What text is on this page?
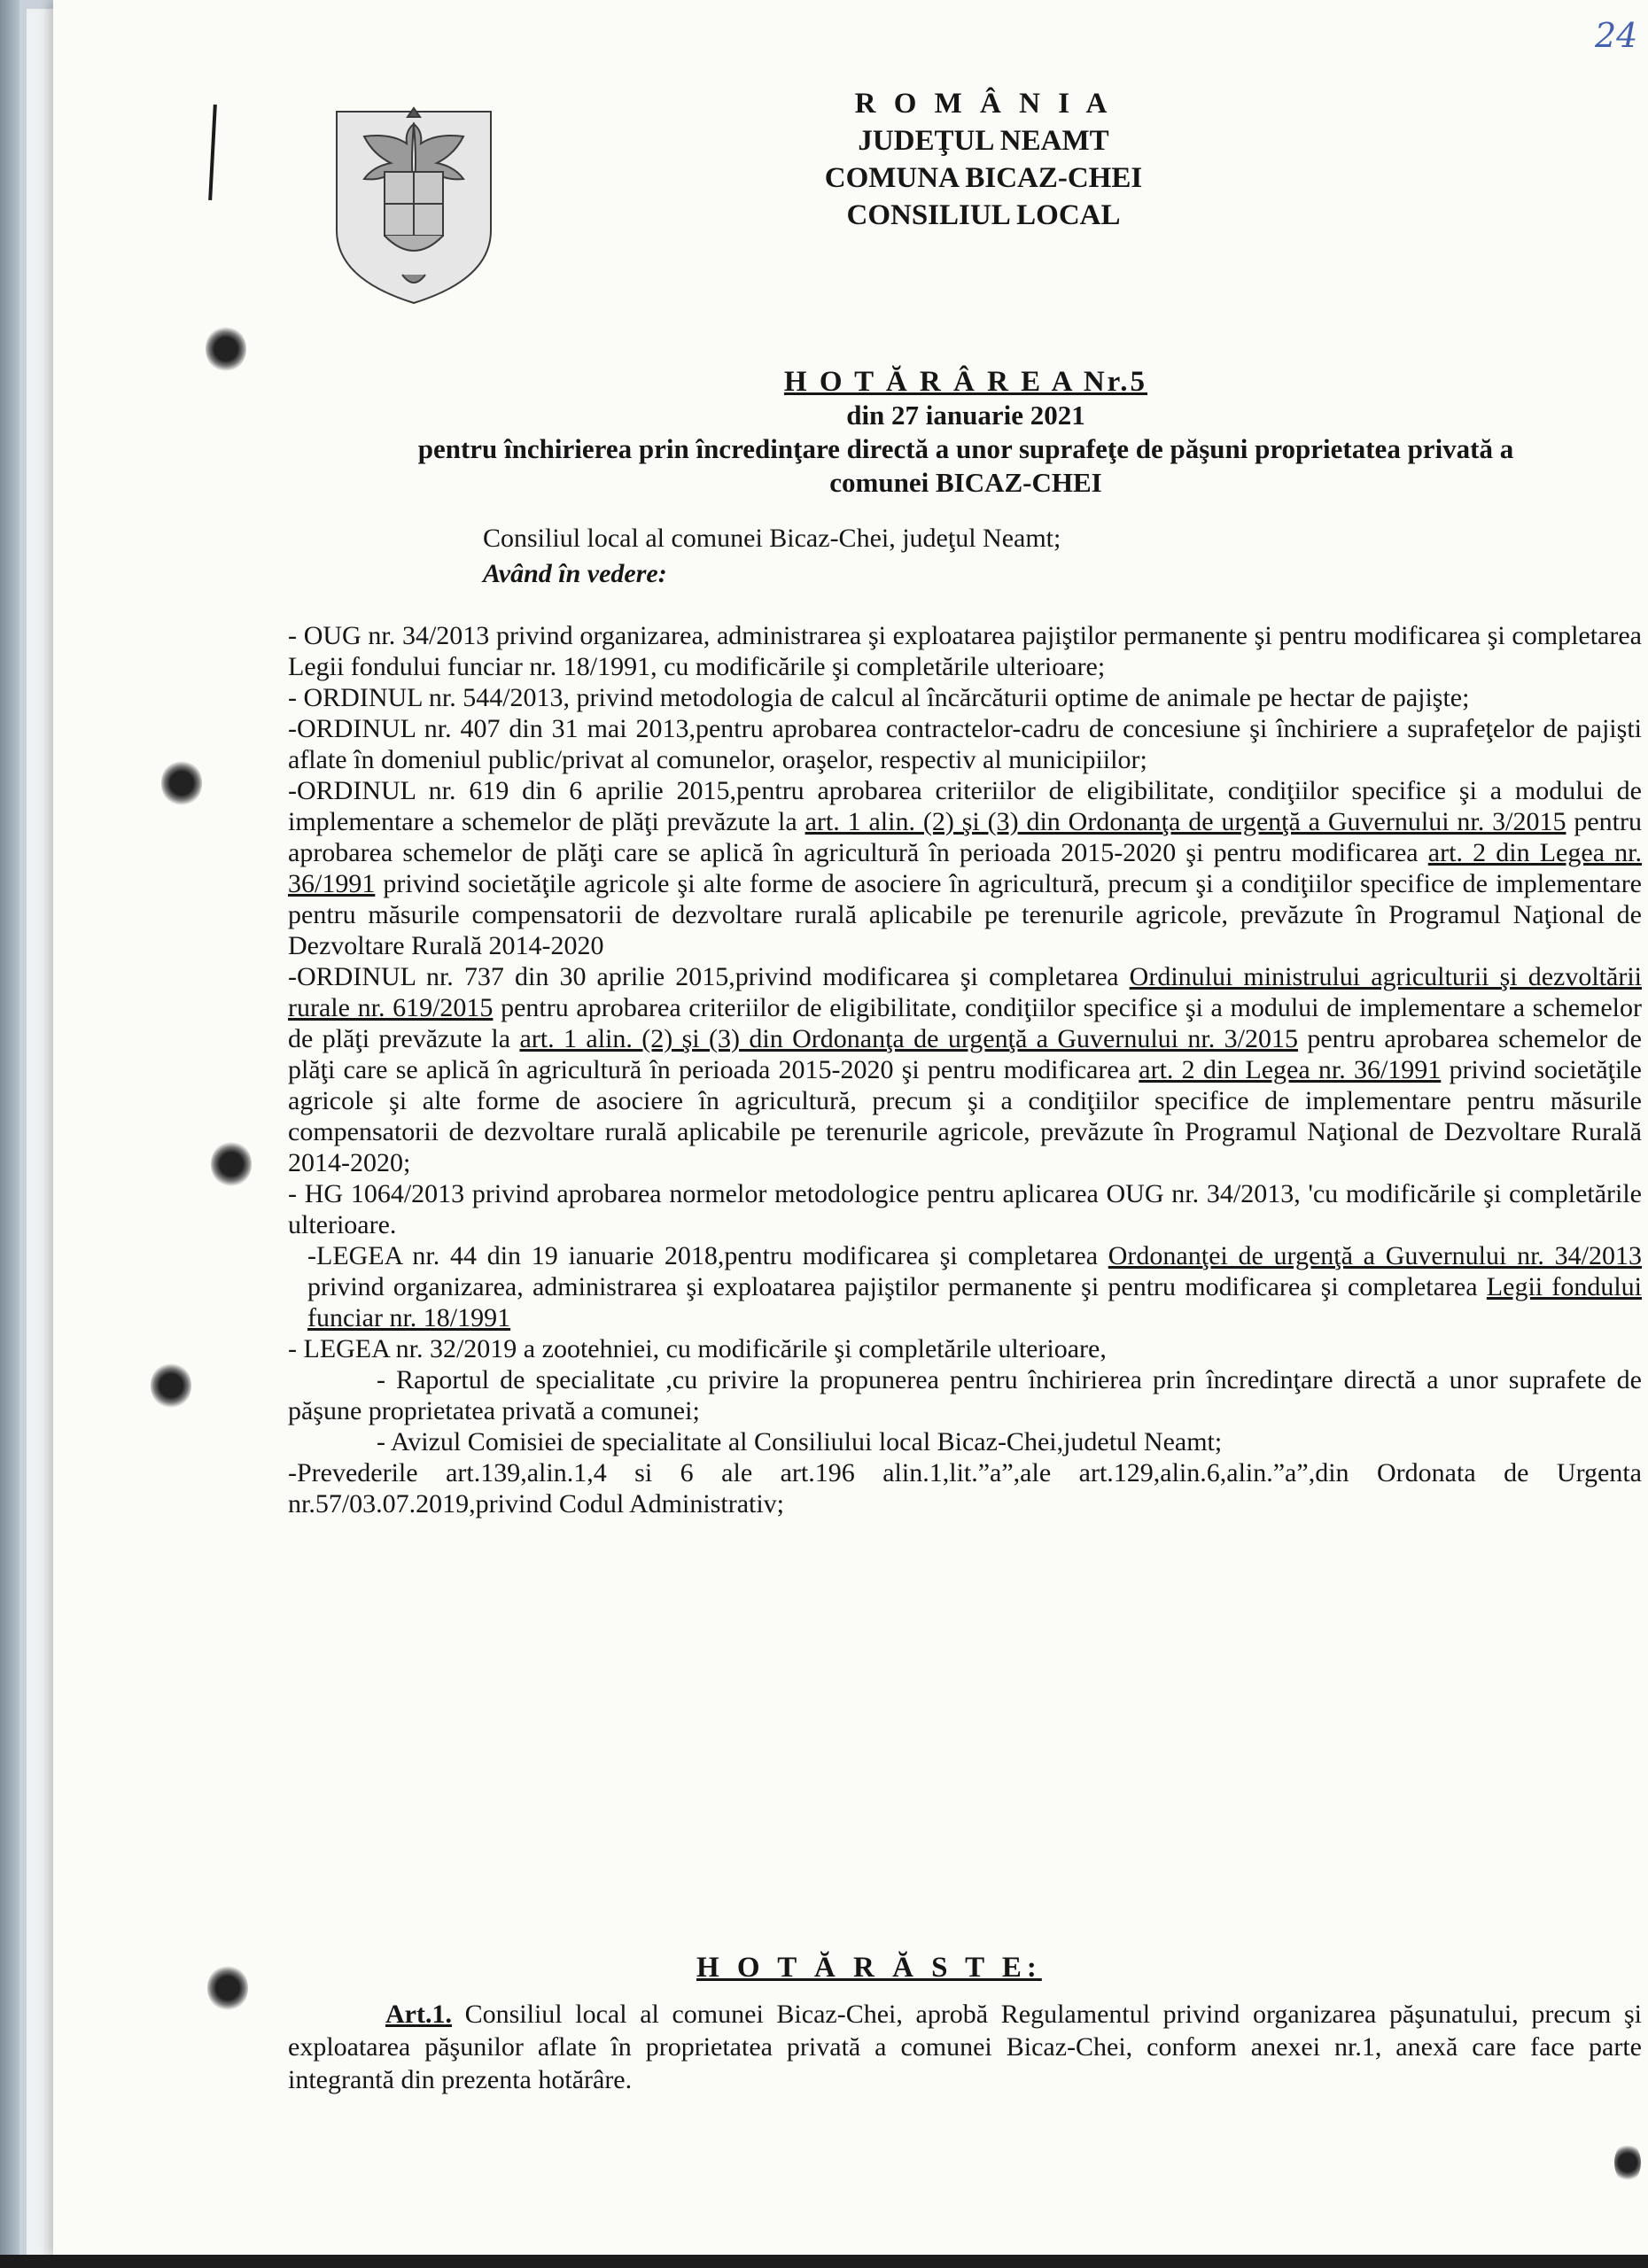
24
R O M Â N I A
JUDEŢUL NEAMT
COMUNA BICAZ-CHEI
CONSILIUL LOCAL
H O T Ă R Â R E A Nr.5
din 27 ianuarie 2021
pentru închirierea prin încredinţare directă a unor suprafeţe de păşuni proprietatea privată a
comunei BICAZ-CHEI
Consiliul local al comunei Bicaz-Chei, judeţul Neamt;
Având în vedere:

- OUG nr. 34/2013 privind organizarea, administrarea şi exploatarea pajiştilor permanente şi pentru modificarea şi completarea Legii fondului funciar nr. 18/1991, cu modificările şi completările ulterioare;

- ORDINUL nr. 544/2013, privind metodologia de calcul al încărcăturii optime de animale pe hectar de pajişte;

-ORDINUL nr. 407 din 31 mai 2013,pentru aprobarea contractelor-cadru de concesiune şi închiriere a suprafeţelor de pajişti aflate în domeniul public/privat al comunelor, oraşelor, respectiv al municipiilor;

-ORDINUL nr. 619 din 6 aprilie 2015,pentru aprobarea criteriilor de eligibilitate, condiţiilor specifice şi a modului de implementare a schemelor de plăţi prevăzute la art. 1 alin. (2) şi (3) din Ordonanţa de urgenţă a Guvernului nr. 3/2015 pentru aprobarea schemelor de plăţi care se aplică în agricultură în perioada 2015-2020 şi pentru modificarea art. 2 din Legea nr. 36/1991 privind societăţile agricole şi alte forme de asociere în agricultură, precum şi a condiţiilor specifice de implementare pentru măsurile compensatorii de dezvoltare rurală aplicabile pe terenurile agricole, prevăzute în Programul Naţional de Dezvoltare Rurală 2014-2020

-ORDINUL nr. 737 din 30 aprilie 2015,privind modificarea şi completarea Ordinului ministrului agriculturii şi dezvoltării rurale nr. 619/2015 pentru aprobarea criteriilor de eligibilitate, condiţiilor specifice şi a modului de implementare a schemelor de plăţi prevăzute la art. 1 alin. (2) şi (3) din Ordonanţa de urgenţă a Guvernului nr. 3/2015 pentru aprobarea schemelor de plăţi care se aplică în agricultură în perioada 2015-2020 şi pentru modificarea art. 2 din Legea nr. 36/1991 privind societăţile agricole şi alte forme de asociere în agricultură, precum şi a condiţiilor specifice de implementare pentru măsurile compensatorii de dezvoltare rurală aplicabile pe terenurile agricole, prevăzute în Programul Naţional de Dezvoltare Rurală 2014-2020;

- HG 1064/2013 privind aprobarea normelor metodologice pentru aplicarea OUG nr. 34/2013, 'cu modificările şi completările ulterioare.

-LEGEA nr. 44 din 19 ianuarie 2018,pentru modificarea şi completarea Ordonanţei de urgenţă a Guvernului nr. 34/2013 privind organizarea, administrarea şi exploatarea pajiştilor permanente şi pentru modificarea şi completarea Legii fondului funciar nr. 18/1991

- LEGEA nr. 32/2019 a zootehniei, cu modificările şi completările ulterioare,

- Raportul de specialitate ,cu privire la propunerea pentru închirierea prin încredinţare directă a unor suprafete de păşune proprietatea privată a comunei;

- Avizul Comisiei de specialitate al Consiliului local Bicaz-Chei,judetul Neamt;

-Prevederile art.139,alin.1,4 si 6 ale art.196 alin.1,lit.”a”,ale art.129,alin.6,alin.”a”,din Ordonata de Urgenta nr.57/03.07.2019,privind Codul Administrativ;

H O T Ă R Ă S T E:
Art.1. Consiliul local al comunei Bicaz-Chei, aprobă Regulamentul privind organizarea păşunatului, precum şi exploatarea păşunilor aflate în proprietatea privată a comunei Bicaz-Chei, conform anexei nr.1, anexă care face parte integrantă din prezenta hotărâre.
